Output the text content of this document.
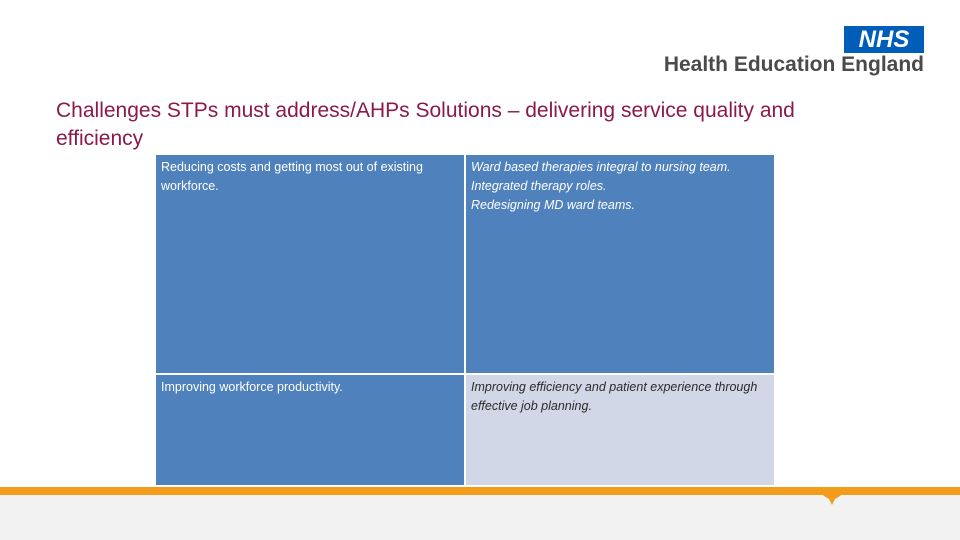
NHS
Health Education England
Challenges STPs must address/AHPs Solutions – delivering service quality and efficiency
Reducing costs and getting most out of existing workforce.
Ward based therapies integral to nursing team.
Integrated therapy roles.
Redesigning MD ward teams.
Improving workforce productivity.	Improving efficiency and patient experience through effective job planning.
